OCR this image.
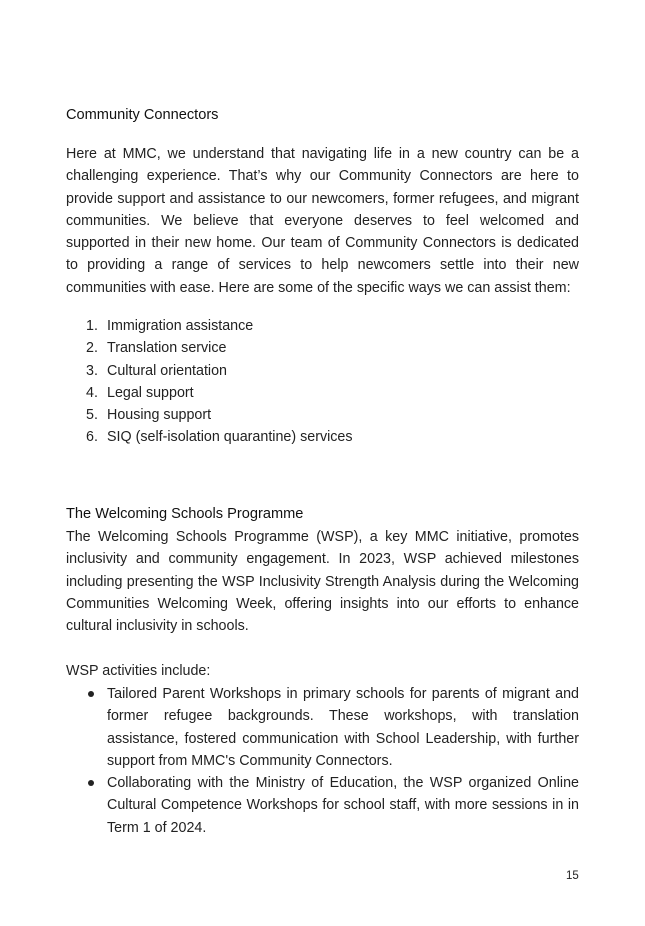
Community Connectors

Here at MMC, we understand that navigating life in a new country can be a challenging experience. That’s why our Community Connectors are here to provide support and assistance to our newcomers, former refugees, and migrant communities. We believe that everyone deserves to feel welcomed and supported in their new home. Our team of Community Connectors is dedicated to providing a range of services to help newcomers settle into their new communities with ease. Here are some of the specific ways we can assist them:

1. Immigration assistance
2. Translation service
3. Cultural orientation
4. Legal support
5. Housing support
6. SIQ (self-isolation quarantine) services
The Welcoming Schools Programme

The Welcoming Schools Programme (WSP), a key MMC initiative, promotes inclusivity and community engagement. In 2023, WSP achieved milestones including presenting the WSP Inclusivity Strength Analysis during the Welcoming Communities Welcoming Week, offering insights into our efforts to enhance cultural inclusivity in schools.

WSP activities include:

Tailored Parent Workshops in primary schools for parents of migrant and former refugee backgrounds. These workshops, with translation assistance, fostered communication with School Leadership, with further support from MMC's Community Connectors.
Collaborating with the Ministry of Education, the WSP organized Online Cultural Competence Workshops for school staff, with more sessions in in Term 1 of 2024.
15
